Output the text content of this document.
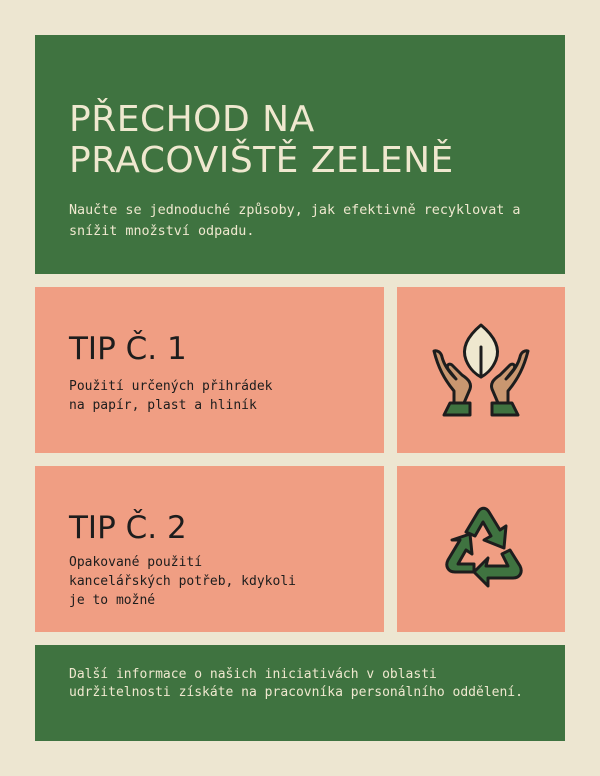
PŘECHOD NA
PRACOVIŠTĚ ZELENĚ

Naučte se jednoduché způsoby, jak efektivně recyklovat a snížit množství odpadu.

TIP Č. 1

Použití určených přihrádek
na papír, plast a hliník

TIP Č. 2

Opakované použití
kancelářských potřeb, kdykoli
je to možné

Další informace o našich iniciativách v oblasti udržitelnosti získáte na pracovníka personálního oddělení.
